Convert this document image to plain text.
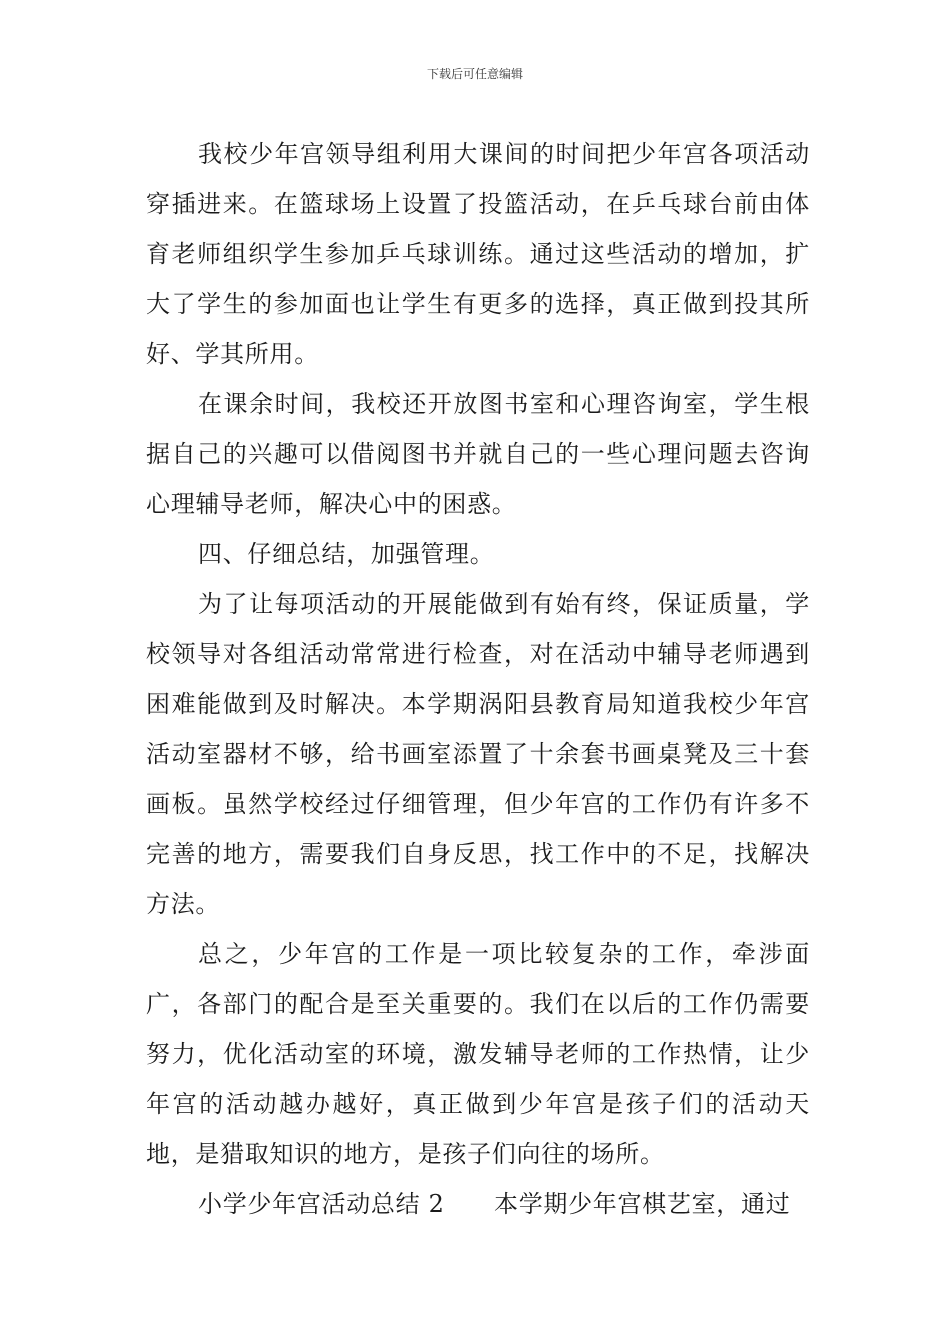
下载后可任意编辑

我校少年宫领导组利用大课间的时间把少年宫各项活动穿插进来。在篮球场上设置了投篮活动，在乒乓球台前由体育老师组织学生参加乒乓球训练。通过这些活动的增加，扩大了学生的参加面也让学生有更多的选择，真正做到投其所好、学其所用。

在课余时间，我校还开放图书室和心理咨询室，学生根据自己的兴趣可以借阅图书并就自己的一些心理问题去咨询心理辅导老师，解决心中的困惑。

四、仔细总结，加强管理。

为了让每项活动的开展能做到有始有终，保证质量，学校领导对各组活动常常进行检查，对在活动中辅导老师遇到困难能做到及时解决。本学期涡阳县教育局知道我校少年宫活动室器材不够，给书画室添置了十余套书画桌凳及三十套画板。虽然学校经过仔细管理，但少年宫的工作仍有许多不完善的地方，需要我们自身反思，找工作中的不足，找解决方法。

总之，少年宫的工作是一项比较复杂的工作，牵涉面广，各部门的配合是至关重要的。我们在以后的工作仍需要努力，优化活动室的环境，激发辅导老师的工作热情，让少年宫的活动越办越好，真正做到少年宫是孩子们的活动天地，是猎取知识的地方，是孩子们向往的场所。

小学少年宫活动总结 2　　本学期少年宫棋艺室，通过
